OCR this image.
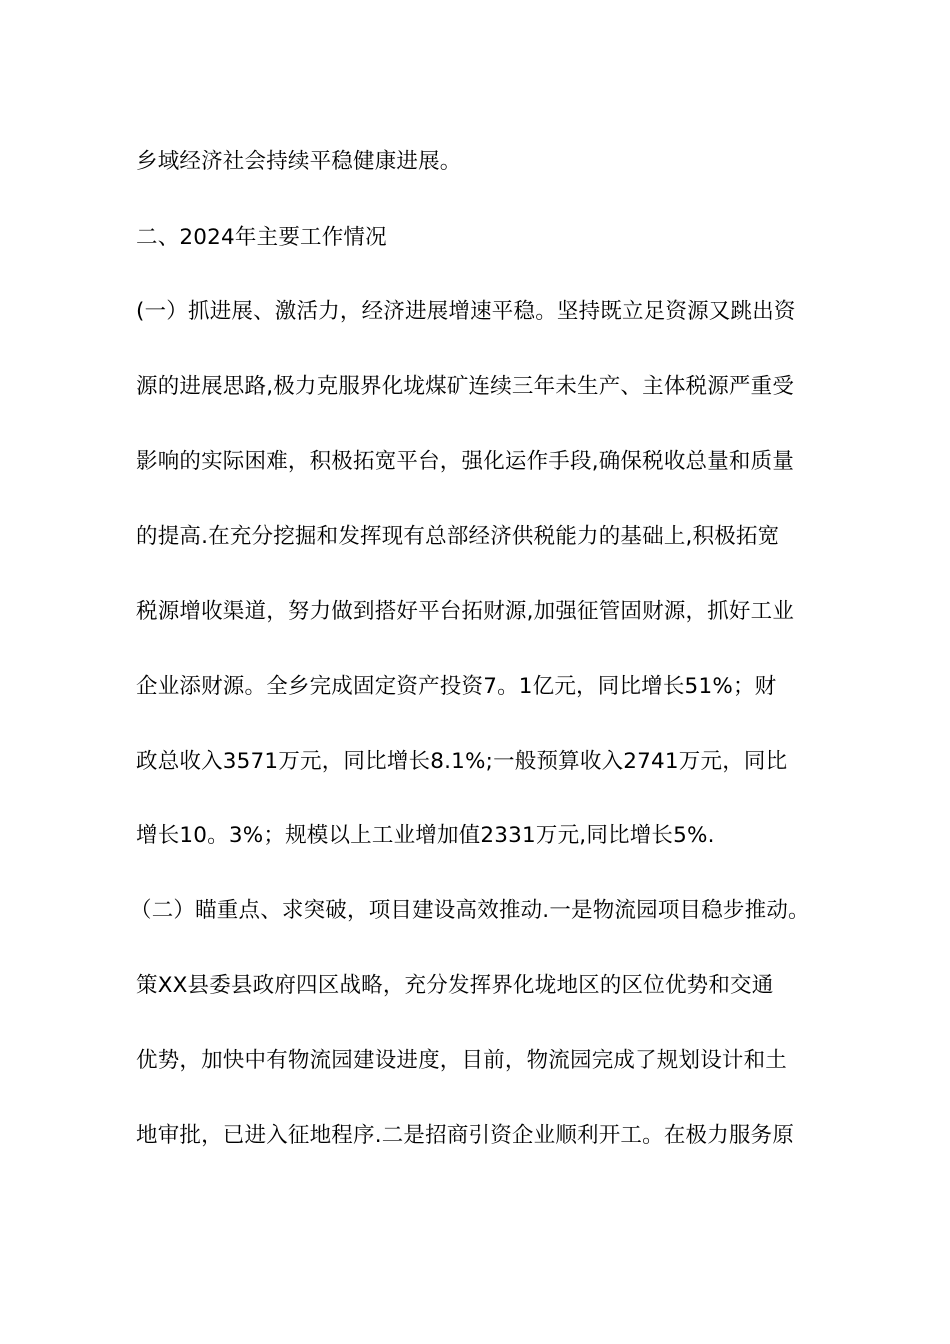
乡域经济社会持续平稳健康进展。
二、2024年主要工作情况
(一）抓进展、激活力，经济进展增速平稳。坚持既立足资源又跳出资
源的进展思路,极力克服界化垅煤矿连续三年未生产、主体税源严重受
影响的实际困难，积极拓宽平台，强化运作手段,确保税收总量和质量
的提高.在充分挖掘和发挥现有总部经济供税能力的基础上,积极拓宽
税源增收渠道，努力做到搭好平台拓财源,加强征管固财源，抓好工业
企业添财源。全乡完成固定资产投资7。1亿元，同比增长51%；财
政总收入3571万元，同比增长8.1%;一般预算收入2741万元，同比
增长10。3%；规模以上工业增加值2331万元,同比增长5%.
（二）瞄重点、求突破，项目建设高效推动.一是物流园项目稳步推动。
策XX县委县政府四区战略，充分发挥界化垅地区的区位优势和交通
优势，加快中有物流园建设进度，目前，物流园完成了规划设计和土
地审批，已进入征地程序.二是招商引资企业顺利开工。在极力服务原
